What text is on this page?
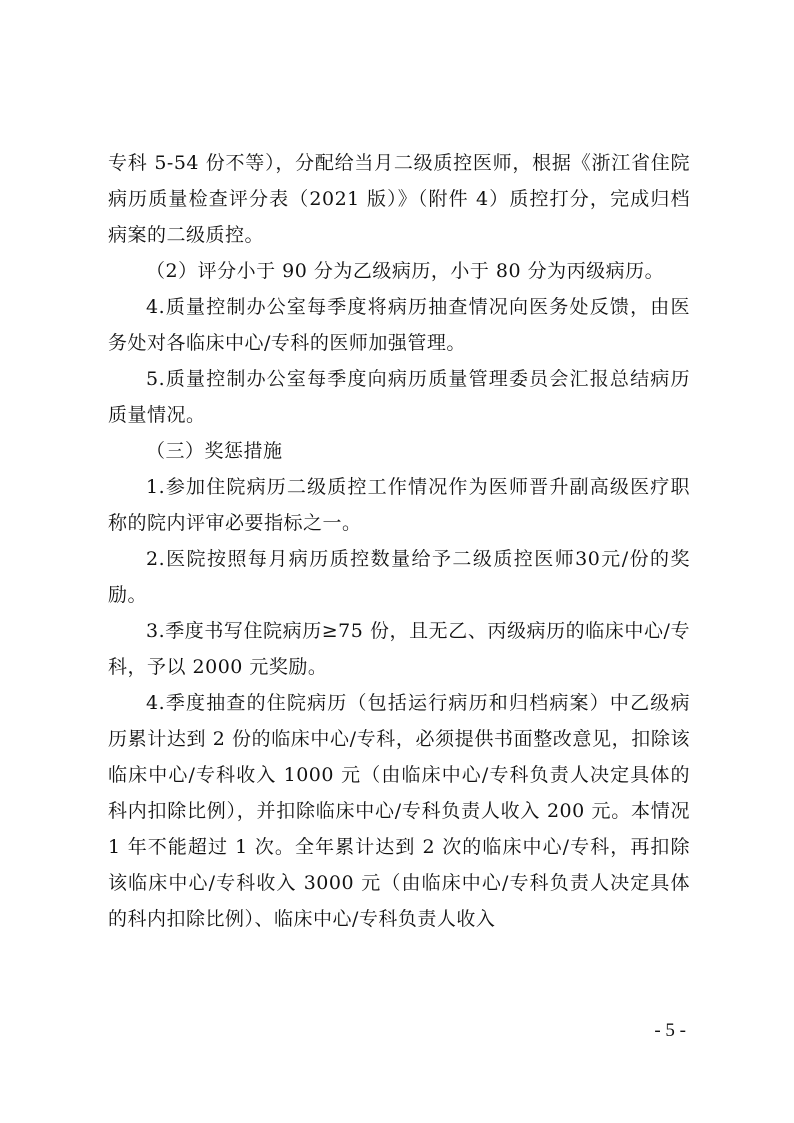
专科 5-54 份不等），分配给当月二级质控医师，根据《浙江省住院病历质量检查评分表（2021 版）》（附件 4）质控打分，完成归档病案的二级质控。

（2）评分小于 90 分为乙级病历，小于 80 分为丙级病历。

4.质量控制办公室每季度将病历抽查情况向医务处反馈，由医务处对各临床中心/专科的医师加强管理。

5.质量控制办公室每季度向病历质量管理委员会汇报总结病历质量情况。

（三）奖惩措施

1.参加住院病历二级质控工作情况作为医师晋升副高级医疗职称的院内评审必要指标之一。

2.医院按照每月病历质控数量给予二级质控医师30元/份的奖励。

3.季度书写住院病历≥75 份，且无乙、丙级病历的临床中心/专科，予以 2000 元奖励。

4.季度抽查的住院病历（包括运行病历和归档病案）中乙级病历累计达到 2 份的临床中心/专科，必须提供书面整改意见，扣除该临床中心/专科收入 1000 元（由临床中心/专科负责人决定具体的科内扣除比例），并扣除临床中心/专科负责人收入 200 元。本情况 1 年不能超过 1 次。全年累计达到 2 次的临床中心/专科，再扣除该临床中心/专科收入 3000 元（由临床中心/专科负责人决定具体的科内扣除比例）、临床中心/专科负责人收入

- 5 -
